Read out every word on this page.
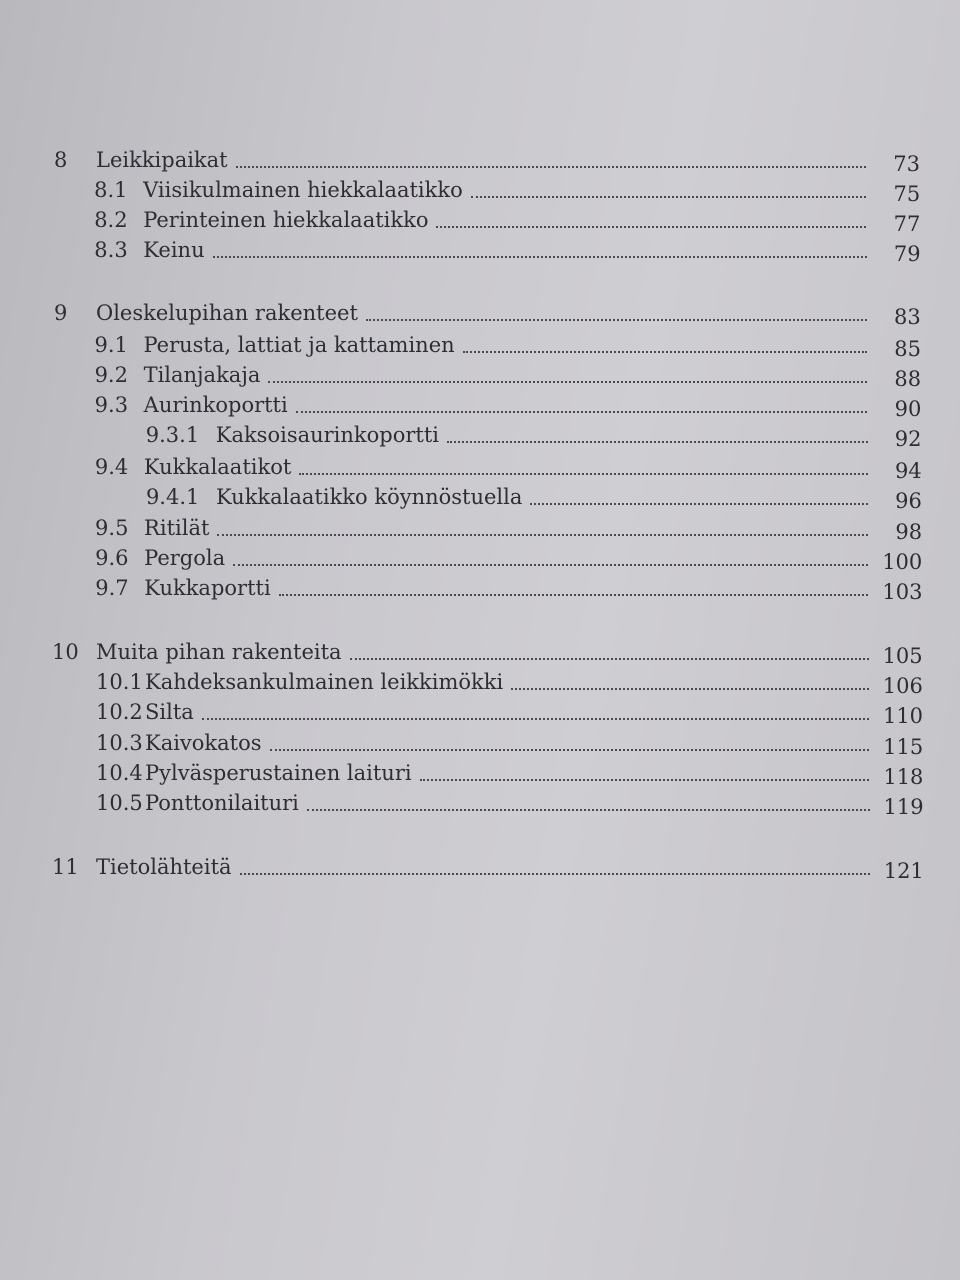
8 Leikkipaikat	73
8.1 Viisikulmainen hiekkalaatikko	75
8.2 Perinteinen hiekkalaatikko	77
8.3 Keinu	79
9 Oleskelupihan rakenteet	83
9.1 Perusta, lattiat ja kattaminen	85
9.2 Tilanjakaja	88
9.3 Aurinkoportti	90
9.3.1 Kaksoisaurinkoportti	92
9.4 Kukkalaatikot	94
9.4.1 Kukkalaatikko köynnöstuella	96
9.5 Ritilät	98
9.6 Pergola	100
9.7 Kukkaportti	103
10 Muita pihan rakenteita	105
10.1 Kahdeksankulmainen leikkimökki	106
10.2 Silta	110
10.3 Kaivokatos	115
10.4 Pylväsperustainen laituri	118
10.5 Ponttonilaituri	119
11 Tietolähteitä	121
